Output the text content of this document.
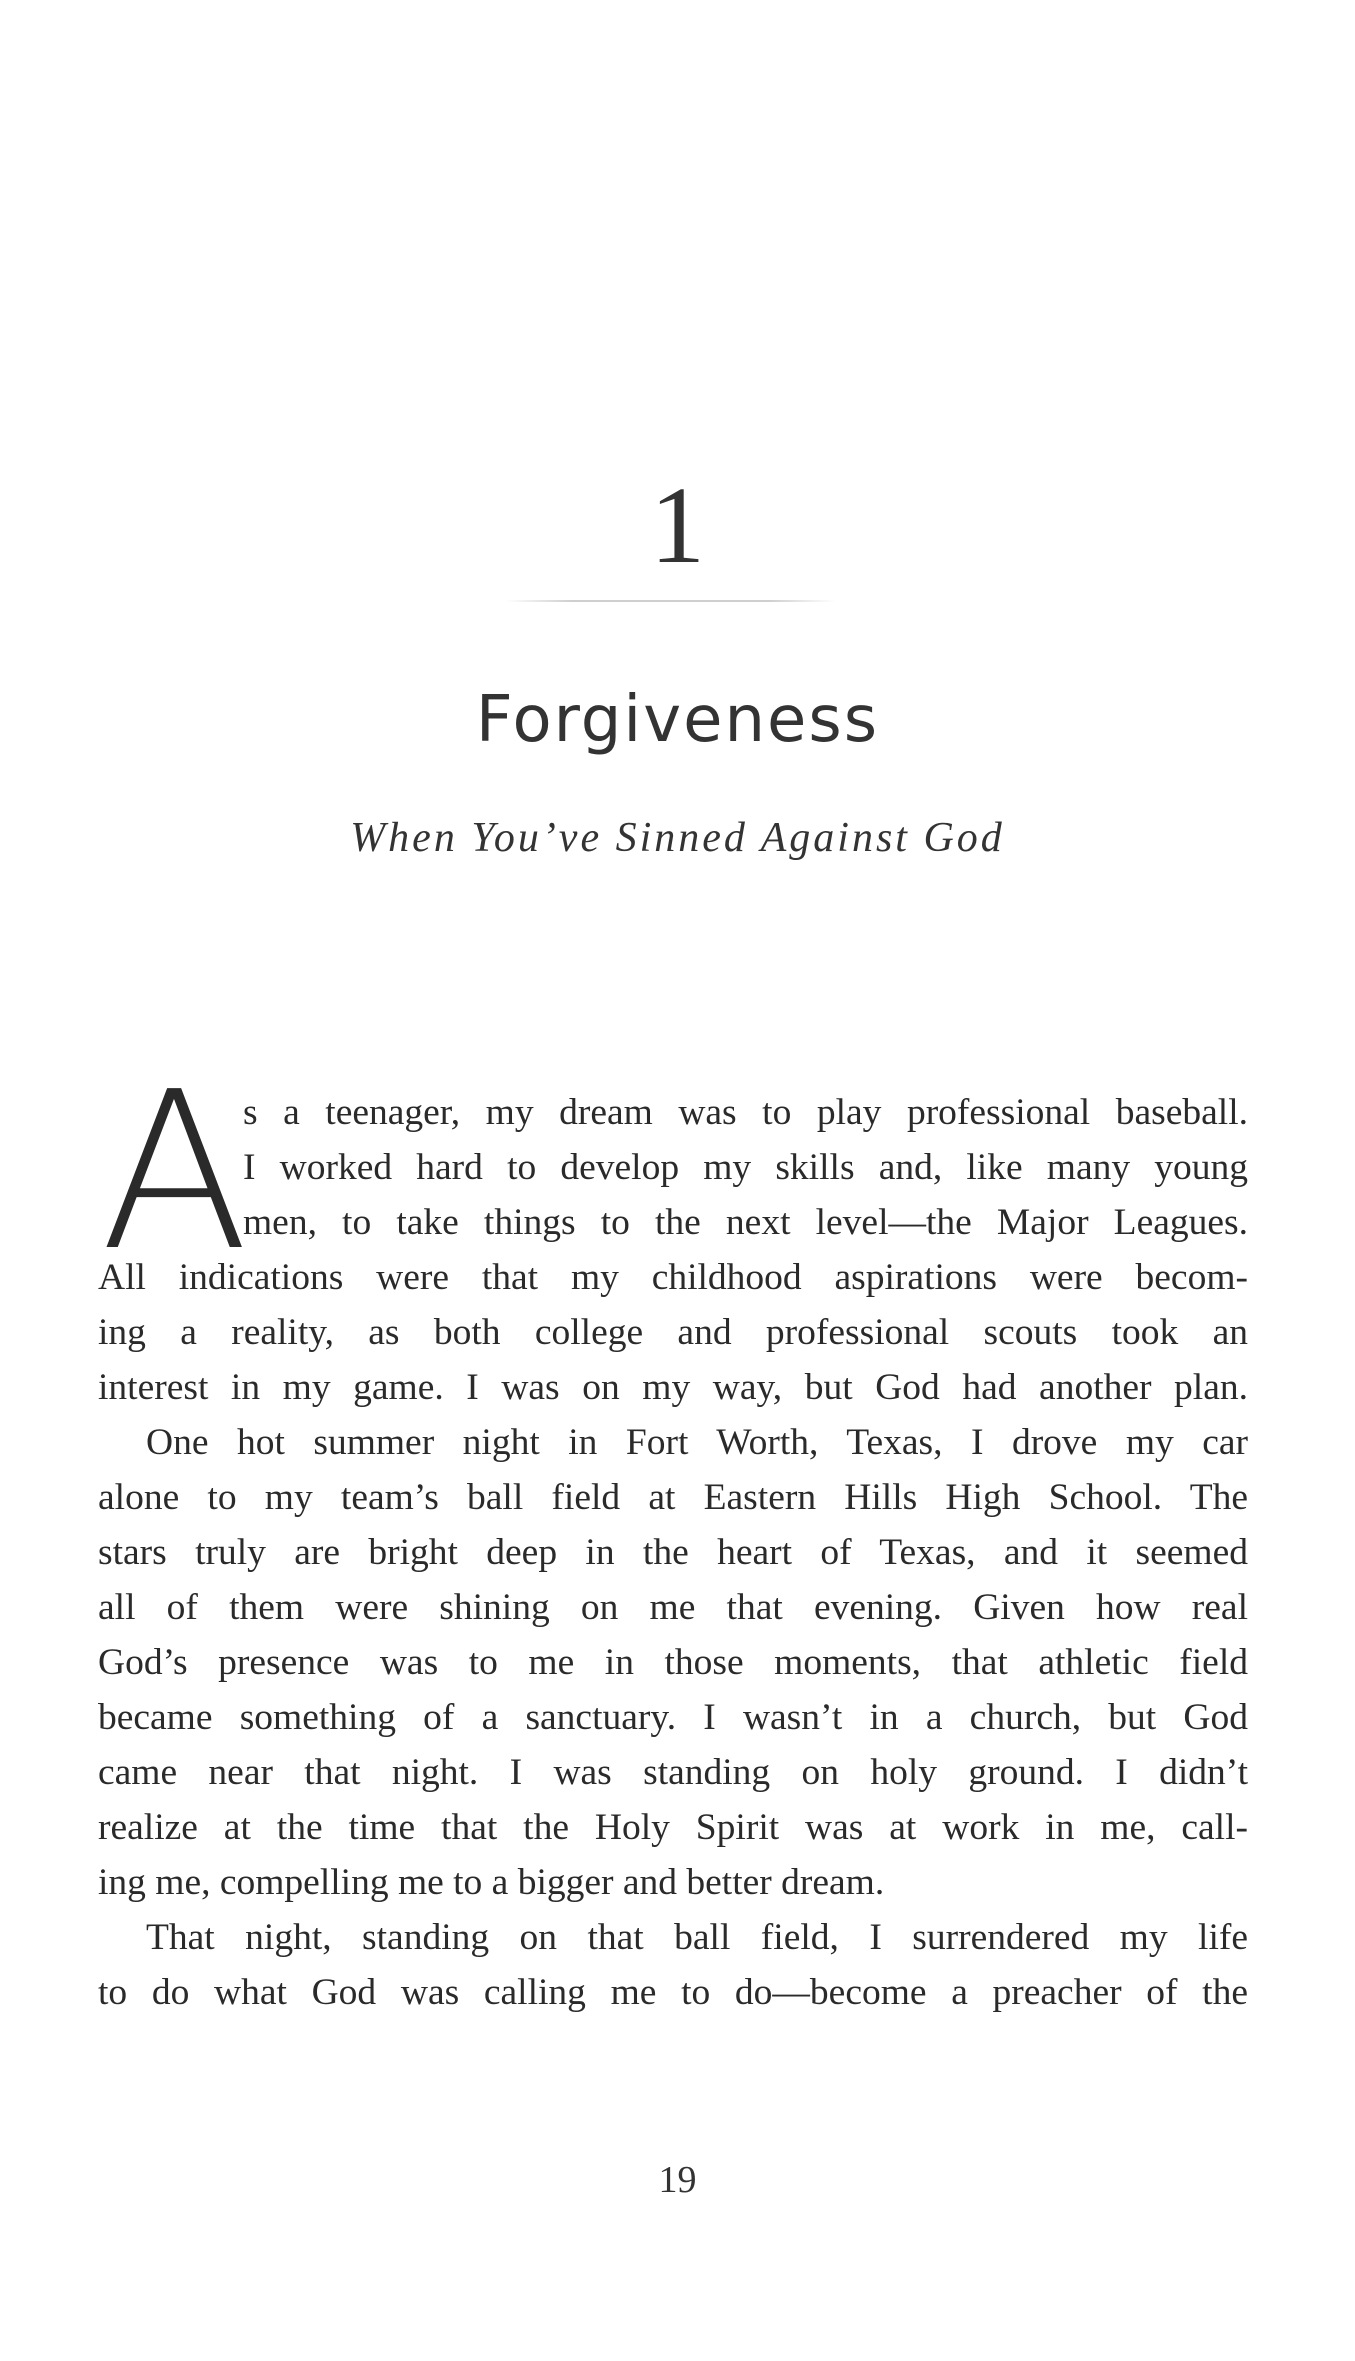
1
Forgiveness
When You’ve Sinned Against God
A
s a teenager, my dream was to play professional baseball.
I worked hard to develop my skills and, like many young
men, to take things to the next level—the Major Leagues.
All indications were that my childhood aspirations were becom-
ing a reality, as both college and professional scouts took an
interest in my game. I was on my way, but God had another plan.
One hot summer night in Fort Worth, Texas, I drove my car
alone to my team’s ball field at Eastern Hills High School. The
stars truly are bright deep in the heart of Texas, and it seemed
all of them were shining on me that evening. Given how real
God’s presence was to me in those moments, that athletic field
became something of a sanctuary. I wasn’t in a church, but God
came near that night. I was standing on holy ground. I didn’t
realize at the time that the Holy Spirit was at work in me, call-
ing me, compelling me to a bigger and better dream.
That night, standing on that ball field, I surrendered my life
to do what God was calling me to do—become a preacher of the
19
